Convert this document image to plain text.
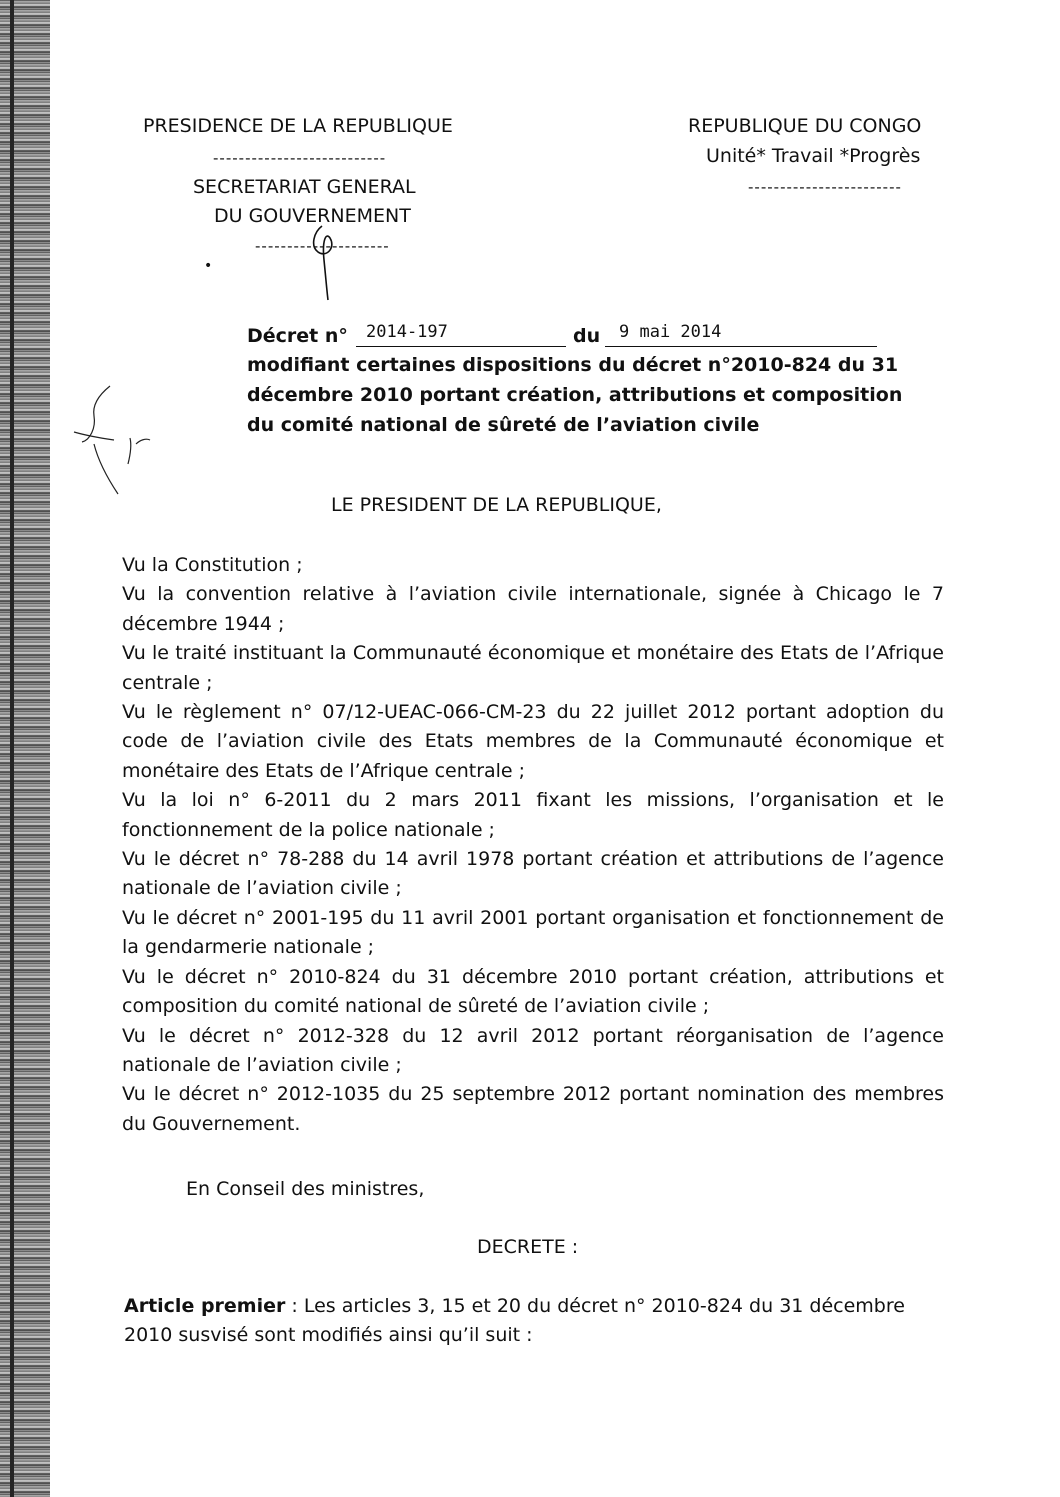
PRESIDENCE DE LA REPUBLIQUE
---------------------------
SECRETARIAT GENERAL
DU GOUVERNEMENT
---------------------
REPUBLIQUE DU CONGO
Unité* Travail *Progrès
------------------------
•
Décret n° 2014-197	du 9 mai 2014
modifiant certaines dispositions du décret n°2010-824 du 31
décembre 2010 portant création, attributions et composition
du comité national de sûreté de l’aviation civile
LE PRESIDENT DE LA REPUBLIQUE,

Vu la Constitution ;

Vu la convention relative à l’aviation civile internationale, signée à Chicago le 7 décembre 1944 ;

Vu le traité instituant la Communauté économique et monétaire des Etats de l’Afrique centrale ;

Vu le règlement n° 07/12-UEAC-066-CM-23 du 22 juillet 2012 portant adoption du code de l’aviation civile des Etats membres de la Communauté économique et monétaire des Etats de l’Afrique centrale ;

Vu la loi n° 6-2011 du 2 mars 2011 fixant les missions, l’organisation et le fonctionnement de la police nationale ;

Vu le décret n° 78-288 du 14 avril 1978 portant création et attributions de l’agence nationale de l’aviation civile ;

Vu le décret n° 2001-195 du 11 avril 2001 portant organisation et fonctionnement de la gendarmerie nationale ;

Vu le décret n° 2010-824 du 31 décembre 2010 portant création, attributions et composition du comité national de sûreté de l’aviation civile ;

Vu le décret n° 2012-328 du 12 avril 2012 portant réorganisation de l’agence nationale de l’aviation civile ;

Vu le décret n° 2012-1035 du 25 septembre 2012 portant nomination des membres du Gouvernement.

En Conseil des ministres,
DECRETE :
Article premier : Les articles 3, 15 et 20 du décret n° 2010-824 du 31 décembre
2010 susvisé sont modifiés ainsi qu’il suit :
